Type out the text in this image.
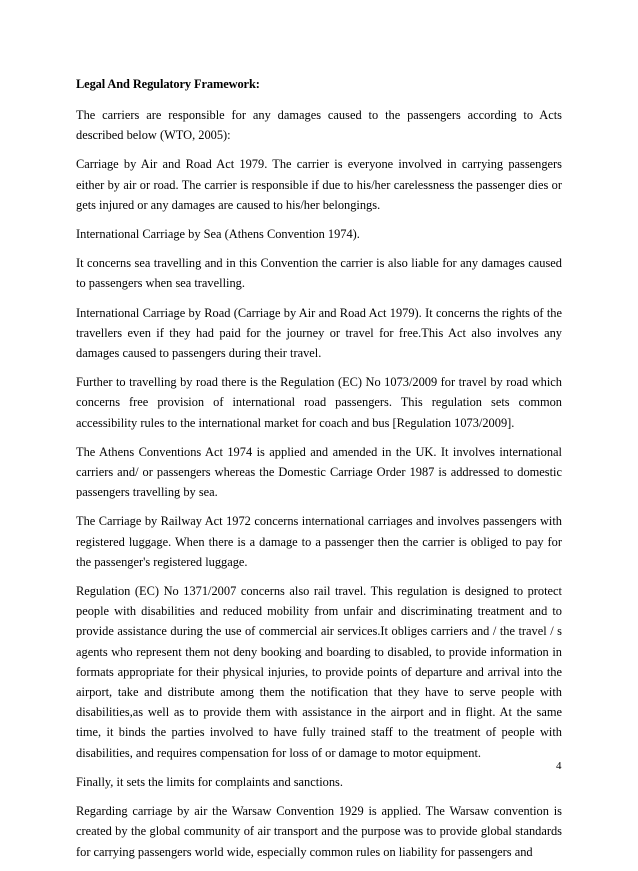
Legal And Regulatory Framework:

The carriers are responsible for any damages caused to the passengers according to Acts described below (WTO, 2005):

Carriage by Air and Road Act 1979. The carrier is everyone involved in carrying passengers either by air or road. The carrier is responsible if due to his/her carelessness the passenger dies or gets injured or any damages are caused to his/her belongings.

International Carriage by Sea (Athens Convention 1974).

It concerns sea travelling and in this Convention the carrier is also liable for any damages caused to passengers when sea travelling.

International Carriage by Road (Carriage by Air and Road Act 1979). It concerns the rights of the travellers even if they had paid for the journey or travel for free.This Act also involves any damages caused to passengers during their travel.

Further to travelling by road there is the Regulation (EC) No 1073/2009 for travel by road which concerns free provision of international road passengers. This regulation sets common accessibility rules to the international market for coach and bus [Regulation 1073/2009].

The Athens Conventions Act 1974 is applied and amended in the UK. It involves international carriers and/ or passengers whereas the Domestic Carriage Order 1987 is addressed to domestic passengers travelling by sea.

The Carriage by Railway Act 1972 concerns international carriages and involves passengers with registered luggage. When there is a damage to a passenger then the carrier is obliged to pay for the passenger's registered luggage.

Regulation (EC) No 1371/2007 concerns also rail travel. This regulation is designed to protect people with disabilities and reduced mobility from unfair and discriminating treatment and to provide assistance during the use of commercial air services.It obliges carriers and / the travel / s agents who represent them not deny booking and boarding to disabled, to provide information in formats appropriate for their physical injuries, to provide points of departure and arrival into the airport, take and distribute among them the notification that they have to serve people with disabilities,as well as to provide them with assistance in the airport and in flight. At the same time, it binds the parties involved to have fully trained staff to the treatment of people with disabilities, and requires compensation for loss of or damage to motor equipment.

Finally, it sets the limits for complaints and sanctions.

Regarding carriage by air the Warsaw Convention 1929 is applied. The Warsaw convention is created by the global community of air transport and the purpose was to provide global standards for carrying passengers world wide, especially common rules on liability for passengers and

4
